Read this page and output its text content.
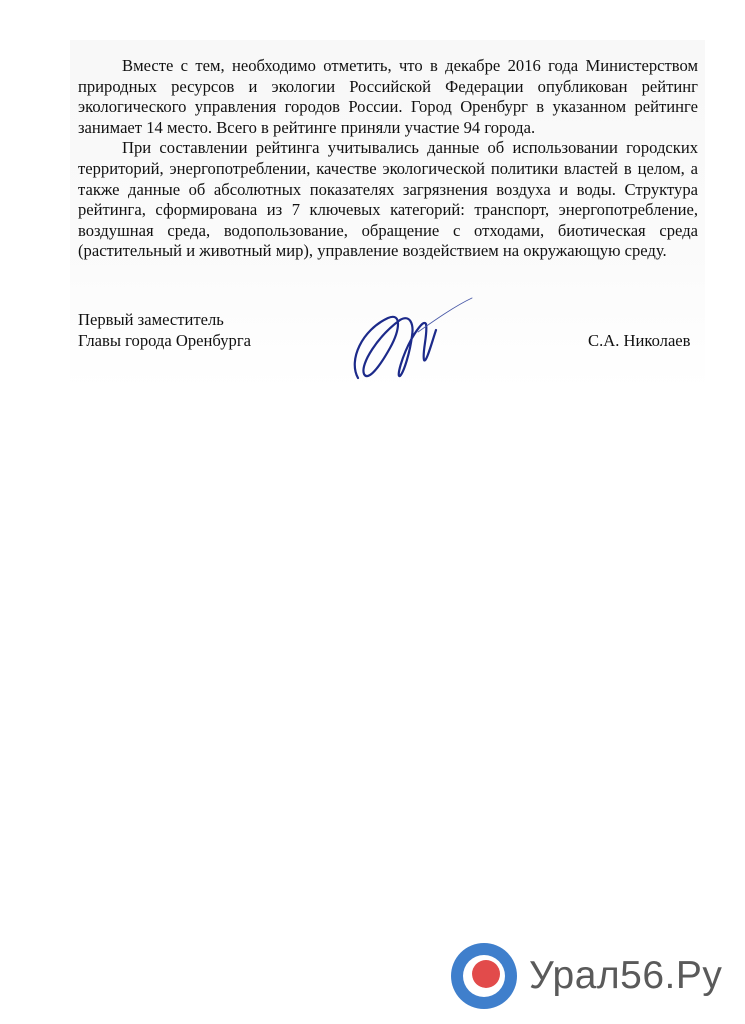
Вместе с тем, необходимо отметить, что в декабре 2016 года Министерством природных ресурсов и экологии Российской Федерации опубликован рейтинг экологического управления городов России. Город Оренбург в указанном рейтинге занимает 14 место. Всего в рейтинге приняли участие 94 города.

При составлении рейтинга учитывались данные об использовании городских территорий, энергопотреблении, качестве экологической политики властей в целом, а также данные об абсолютных показателях загрязнения воздуха и воды. Структура рейтинга, сформирована из 7 ключевых категорий: транспорт, энергопотребление, воздушная среда, водопользование, обращение с отходами, биотическая среда (растительный и животный мир), управление воздействием на окружающую среду.

Первый заместитель
Главы города Оренбурга	С.А. Николаев
Урал56.Ру
